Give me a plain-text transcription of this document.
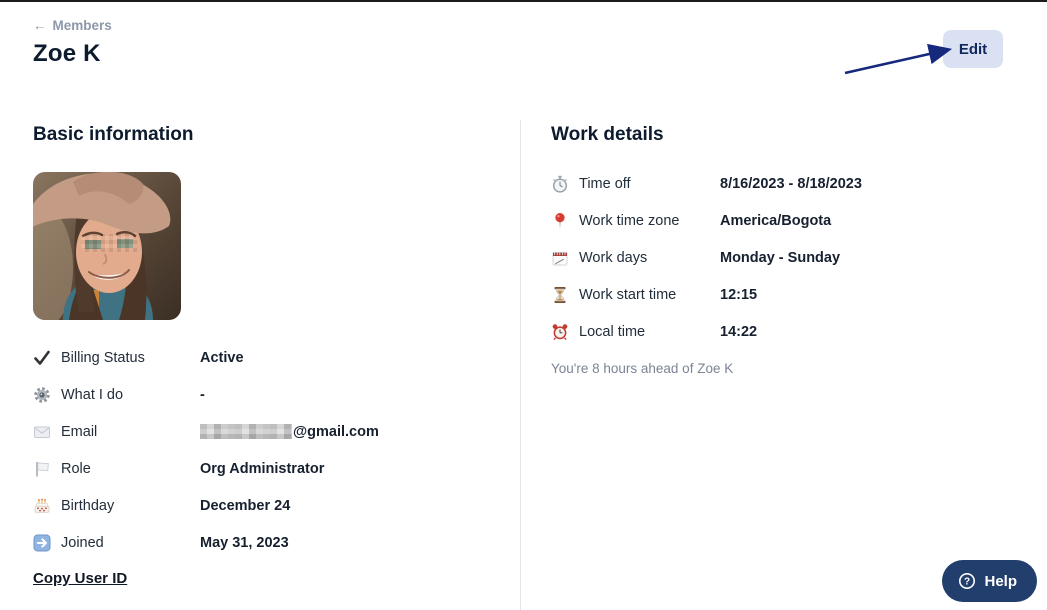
← Members
Zoe K	Edit
Basic information
Billing Status	Active
What I do	-
Email	@gmail.com
Role	Org Administrator
Birthday	December 24
Joined	May 31, 2023
Copy User ID
Work details
Time off	8/16/2023 - 8/18/2023
Work time zone	America/Bogota
Work days	Monday - Sunday
Work start time	12:15
Local time	14:22
You're 8 hours ahead of Zoe K
? Help
